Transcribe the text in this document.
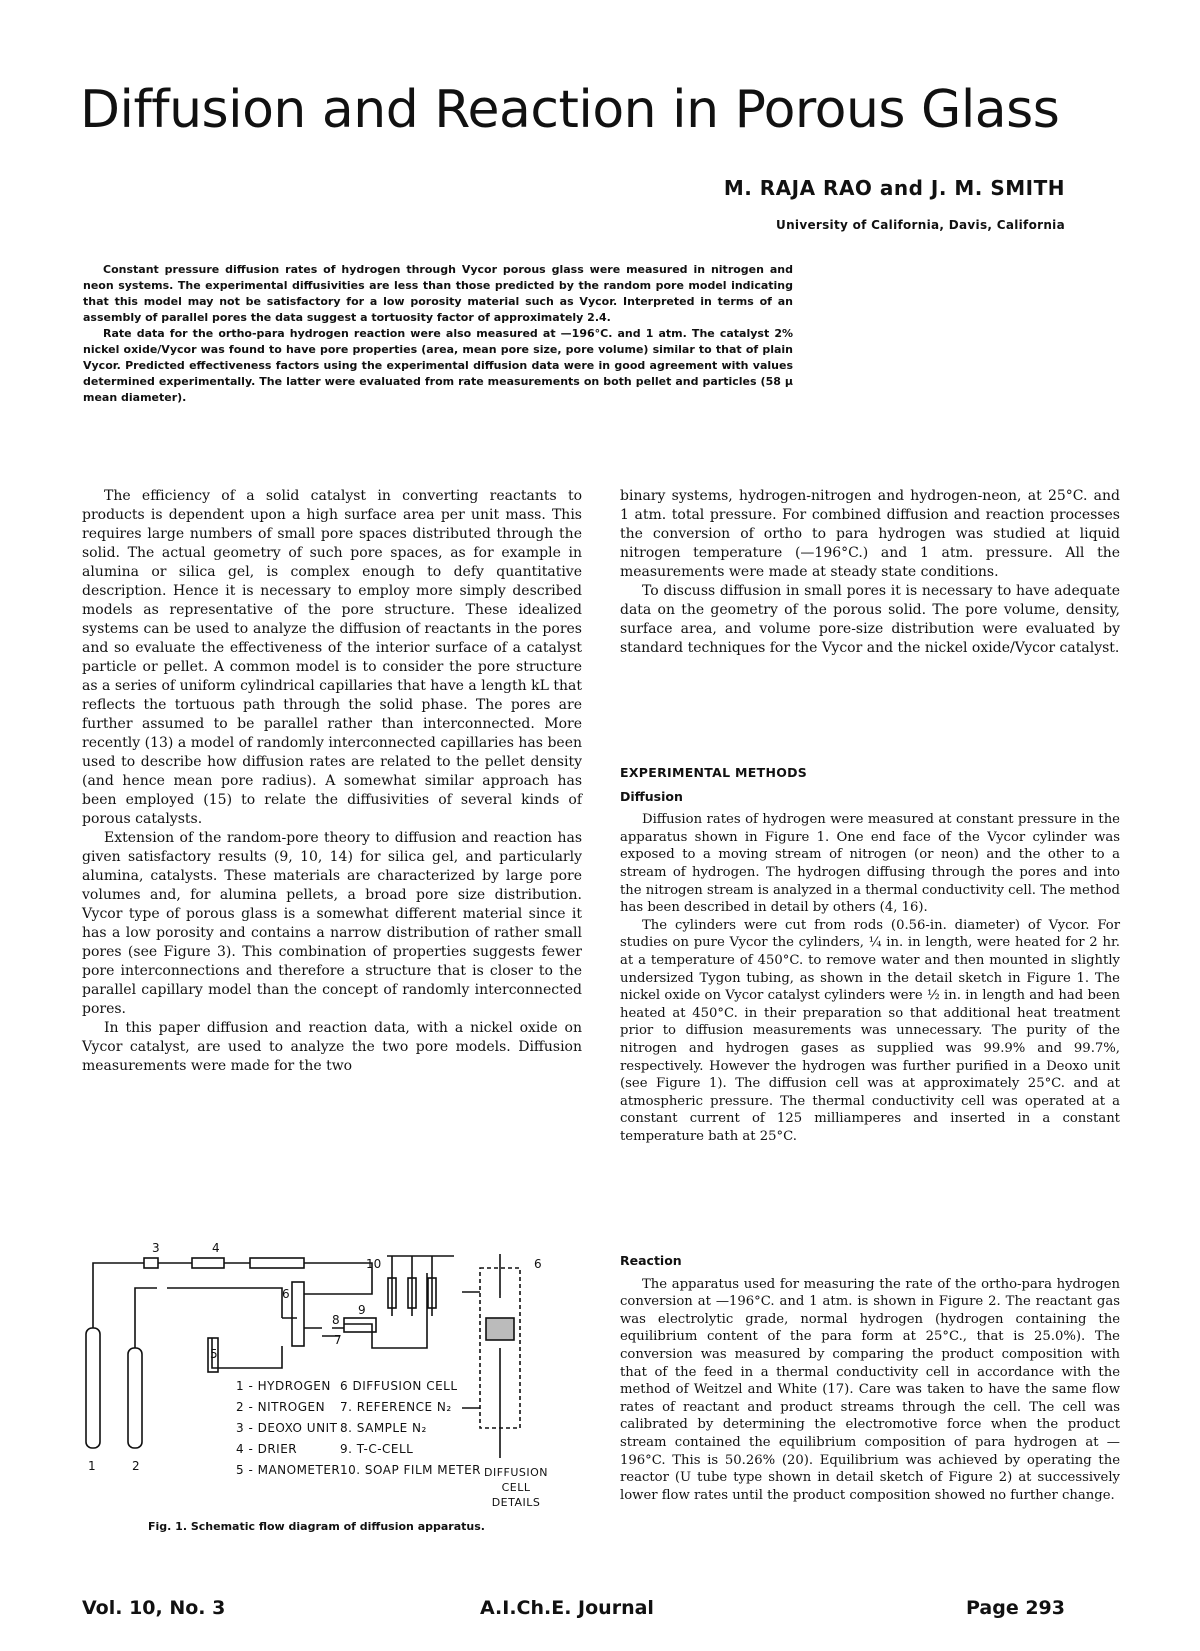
Diffusion and Reaction in Porous Glass
M. RAJA RAO and J. M. SMITH
University of California, Davis, California

Constant pressure diffusion rates of hydrogen through Vycor porous glass were measured in nitrogen and neon systems. The experimental diffusivities are less than those predicted by the random pore model indicating that this model may not be satisfactory for a low porosity material such as Vycor. Interpreted in terms of an assembly of parallel pores the data suggest a tortuosity factor of approximately 2.4.

Rate data for the ortho-para hydrogen reaction were also measured at —196°C. and 1 atm. The catalyst 2% nickel oxide/Vycor was found to have pore properties (area, mean pore size, pore volume) similar to that of plain Vycor. Predicted effectiveness factors using the experimental diffusion data were in good agreement with values determined experimentally. The latter were evaluated from rate measurements on both pellet and particles (58 μ mean diameter).

The efficiency of a solid catalyst in converting reactants to products is dependent upon a high surface area per unit mass. This requires large numbers of small pore spaces distributed through the solid. The actual geometry of such pore spaces, as for example in alumina or silica gel, is complex enough to defy quantitative description. Hence it is necessary to employ more simply described models as representative of the pore structure. These idealized systems can be used to analyze the diffusion of reactants in the pores and so evaluate the effectiveness of the interior surface of a catalyst particle or pellet. A common model is to consider the pore structure as a series of uniform cylindrical capillaries that have a length kL that reflects the tortuous path through the solid phase. The pores are further assumed to be parallel rather than interconnected. More recently (13) a model of randomly interconnected capillaries has been used to describe how diffusion rates are related to the pellet density (and hence mean pore radius). A somewhat similar approach has been employed (15) to relate the diffusivities of several kinds of porous catalysts.

Extension of the random-pore theory to diffusion and reaction has given satisfactory results (9, 10, 14) for silica gel, and particularly alumina, catalysts. These materials are characterized by large pore volumes and, for alumina pellets, a broad pore size distribution. Vycor type of porous glass is a somewhat different material since it has a low porosity and contains a narrow distribution of rather small pores (see Figure 3). This combination of properties suggests fewer pore interconnections and therefore a structure that is closer to the parallel capillary model than the concept of randomly interconnected pores.

In this paper diffusion and reaction data, with a nickel oxide on Vycor catalyst, are used to analyze the two pore models. Diffusion measurements were made for the two

binary systems, hydrogen-nitrogen and hydrogen-neon, at 25°C. and 1 atm. total pressure. For combined diffusion and reaction processes the conversion of ortho to para hydrogen was studied at liquid nitrogen temperature (—196°C.) and 1 atm. pressure. All the measurements were made at steady state conditions.

To discuss diffusion in small pores it is necessary to have adequate data on the geometry of the porous solid. The pore volume, density, surface area, and volume pore-size distribution were evaluated by standard techniques for the Vycor and the nickel oxide/Vycor catalyst.

EXPERIMENTAL METHODS
Diffusion

Diffusion rates of hydrogen were measured at constant pressure in the apparatus shown in Figure 1. One end face of the Vycor cylinder was exposed to a moving stream of nitrogen (or neon) and the other to a stream of hydrogen. The hydrogen diffusing through the pores and into the nitrogen stream is analyzed in a thermal conductivity cell. The method has been described in detail by others (4, 16).

The cylinders were cut from rods (0.56-in. diameter) of Vycor. For studies on pure Vycor the cylinders, ¼ in. in length, were heated for 2 hr. at a temperature of 450°C. to remove water and then mounted in slightly undersized Tygon tubing, as shown in the detail sketch in Figure 1. The nickel oxide on Vycor catalyst cylinders were ½ in. in length and had been heated at 450°C. in their preparation so that additional heat treatment prior to diffusion measurements was unnecessary. The purity of the nitrogen and hydrogen gases as supplied was 99.9% and 99.7%, respectively. However the hydrogen was further purified in a Deoxo unit (see Figure 1). The diffusion cell was at approximately 25°C. and at atmospheric pressure. The thermal conductivity cell was operated at a constant current of 125 milliamperes and inserted in a constant temperature bath at 25°C.

Reaction

The apparatus used for measuring the rate of the ortho-para hydrogen conversion at —196°C. and 1 atm. is shown in Figure 2. The reactant gas was electrolytic grade, normal hydrogen (hydrogen containing the equilibrium content of the para form at 25°C., that is 25.0%). The conversion was measured by comparing the product composition with that of the feed in a thermal conductivity cell in accordance with the method of Weitzel and White (17). Care was taken to have the same flow rates of reactant and product streams through the cell. The cell was calibrated by determining the electromotive force when the product stream contained the equilibrium composition of para hydrogen at —196°C. This is 50.26% (20). Equilibrium was achieved by operating the reactor (U tube type shown in detail sketch of Figure 2) at successively lower flow rates until the product composition showed no further change.

1	2
3	4
5
6
7
8
9
10	6
1 - HYDROGEN
2 - NITROGEN
3 - DEOXO UNIT
4 - DRIER
5 - MANOMETER
6 DIFFUSION CELL
7. REFERENCE N₂
8. SAMPLE N₂
9. T-C-CELL
10. SOAP FILM METER DIFFUSION
CELL
DETAILS
Fig. 1. Schematic flow diagram of diffusion apparatus.
Vol. 10, No. 3	A.I.Ch.E. Journal	Page 293
